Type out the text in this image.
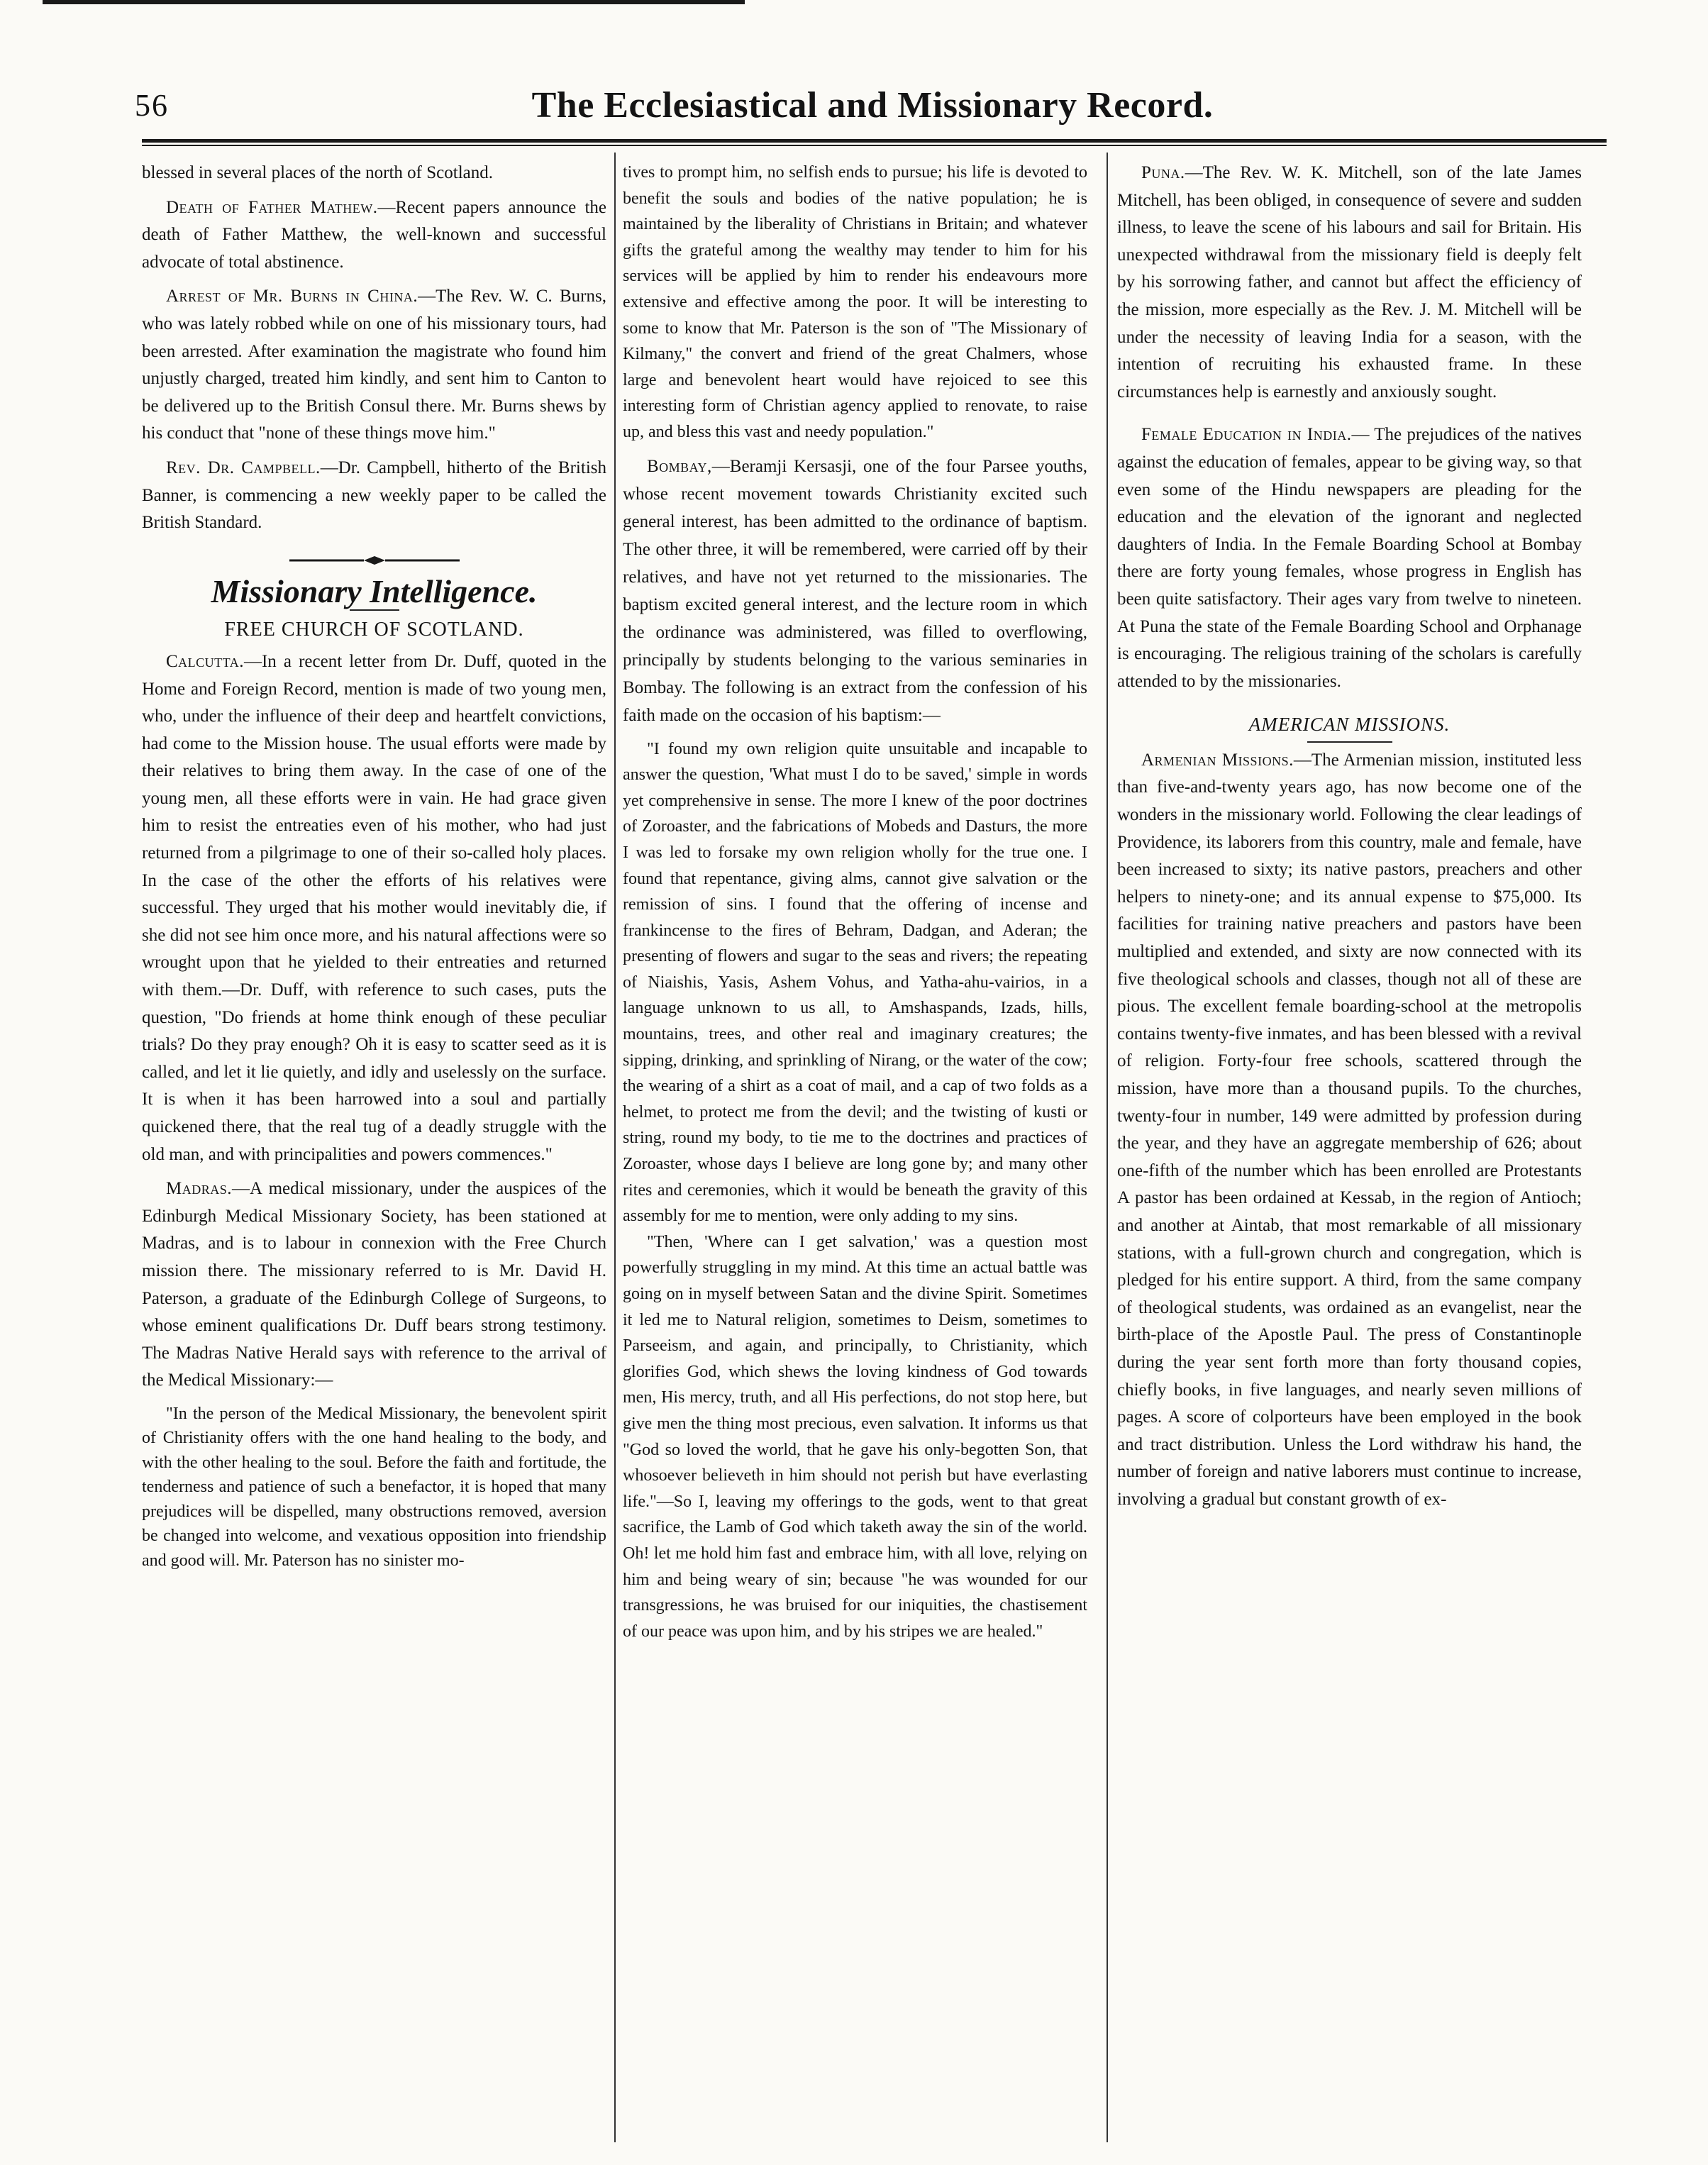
56	The Ecclesiastical and Missionary Record.

blessed in several places of the north of Scotland.

Death of Father Mathew.—Recent papers announce the death of Father Matthew, the well-known and successful advocate of total abstinence.

Arrest of Mr. Burns in China.—The Rev. W. C. Burns, who was lately robbed while on one of his missionary tours, had been arrested. After examination the magistrate who found him unjustly charged, treated him kindly, and sent him to Canton to be delivered up to the British Consul there. Mr. Burns shews by his conduct that "none of these things move him."

Rev. Dr. Campbell.—Dr. Campbell, hitherto of the British Banner, is commencing a new weekly paper to be called the British Standard.

Missionary Intelligence.
FREE CHURCH OF SCOTLAND.

Calcutta.—In a recent letter from Dr. Duff, quoted in the Home and Foreign Record, mention is made of two young men, who, under the influence of their deep and heartfelt convictions, had come to the Mission house. The usual efforts were made by their relatives to bring them away. In the case of one of the young men, all these efforts were in vain. He had grace given him to resist the entreaties even of his mother, who had just returned from a pilgrimage to one of their so-called holy places. In the case of the other the efforts of his relatives were successful. They urged that his mother would inevitably die, if she did not see him once more, and his natural affections were so wrought upon that he yielded to their entreaties and returned with them.—Dr. Duff, with reference to such cases, puts the question, "Do friends at home think enough of these peculiar trials? Do they pray enough? Oh it is easy to scatter seed as it is called, and let it lie quietly, and idly and uselessly on the surface. It is when it has been harrowed into a soul and partially quickened there, that the real tug of a deadly struggle with the old man, and with principalities and powers commences."

Madras.—A medical missionary, under the auspices of the Edinburgh Medical Missionary Society, has been stationed at Madras, and is to labour in connexion with the Free Church mission there. The missionary referred to is Mr. David H. Paterson, a graduate of the Edinburgh College of Surgeons, to whose eminent qualifications Dr. Duff bears strong testimony. The Madras Native Herald says with reference to the arrival of the Medical Missionary:—

"In the person of the Medical Missionary, the benevolent spirit of Christianity offers with the one hand healing to the body, and with the other healing to the soul. Before the faith and fortitude, the tenderness and patience of such a benefactor, it is hoped that many prejudices will be dispelled, many obstructions removed, aversion be changed into welcome, and vexatious opposition into friendship and good will. Mr. Paterson has no sinister mo-

tives to prompt him, no selfish ends to pursue; his life is devoted to benefit the souls and bodies of the native population; he is maintained by the liberality of Christians in Britain; and whatever gifts the grateful among the wealthy may tender to him for his services will be applied by him to render his endeavours more extensive and effective among the poor. It will be interesting to some to know that Mr. Paterson is the son of "The Missionary of Kilmany," the convert and friend of the great Chalmers, whose large and benevolent heart would have rejoiced to see this interesting form of Christian agency applied to renovate, to raise up, and bless this vast and needy population."

Bombay,—Beramji Kersasji, one of the four Parsee youths, whose recent movement towards Christianity excited such general interest, has been admitted to the ordinance of baptism. The other three, it will be remembered, were carried off by their relatives, and have not yet returned to the missionaries. The baptism excited general interest, and the lecture room in which the ordinance was administered, was filled to overflowing, principally by students belonging to the various seminaries in Bombay. The following is an extract from the confession of his faith made on the occasion of his baptism:—

"I found my own religion quite unsuitable and incapable to answer the question, 'What must I do to be saved,' simple in words yet comprehensive in sense. The more I knew of the poor doctrines of Zoroaster, and the fabrications of Mobeds and Dasturs, the more I was led to forsake my own religion wholly for the true one. I found that repentance, giving alms, cannot give salvation or the remission of sins. I found that the offering of incense and frankincense to the fires of Behram, Dadgan, and Aderan; the presenting of flowers and sugar to the seas and rivers; the repeating of Niaishis, Yasis, Ashem Vohus, and Yatha-ahu-vairios, in a language unknown to us all, to Amshaspands, Izads, hills, mountains, trees, and other real and imaginary creatures; the sipping, drinking, and sprinkling of Nirang, or the water of the cow; the wearing of a shirt as a coat of mail, and a cap of two folds as a helmet, to protect me from the devil; and the twisting of kusti or string, round my body, to tie me to the doctrines and practices of Zoroaster, whose days I believe are long gone by; and many other rites and ceremonies, which it would be beneath the gravity of this assembly for me to mention, were only adding to my sins.

"Then, 'Where can I get salvation,' was a question most powerfully struggling in my mind. At this time an actual battle was going on in myself between Satan and the divine Spirit. Sometimes it led me to Natural religion, sometimes to Deism, sometimes to Parseeism, and again, and principally, to Christianity, which glorifies God, which shews the loving kindness of God towards men, His mercy, truth, and all His perfections, do not stop here, but give men the thing most precious, even salvation. It informs us that "God so loved the world, that he gave his only-begotten Son, that whosoever believeth in him should not perish but have everlasting life."—So I, leaving my offerings to the gods, went to that great sacrifice, the Lamb of God which taketh away the sin of the world. Oh! let me hold him fast and embrace him, with all love, relying on him and being weary of sin; because "he was wounded for our transgressions, he was bruised for our iniquities, the chastisement of our peace was upon him, and by his stripes we are healed."

Puna.—The Rev. W. K. Mitchell, son of the late James Mitchell, has been obliged, in consequence of severe and sudden illness, to leave the scene of his labours and sail for Britain. His unexpected withdrawal from the missionary field is deeply felt by his sorrowing father, and cannot but affect the efficiency of the mission, more especially as the Rev. J. M. Mitchell will be under the necessity of leaving India for a season, with the intention of recruiting his exhausted frame. In these circumstances help is earnestly and anxiously sought.

Female Education in India.— The prejudices of the natives against the education of females, appear to be giving way, so that even some of the Hindu newspapers are pleading for the education and the elevation of the ignorant and neglected daughters of India. In the Female Boarding School at Bombay there are forty young females, whose progress in English has been quite satisfactory. Their ages vary from twelve to nineteen. At Puna the state of the Female Boarding School and Orphanage is encouraging. The religious training of the scholars is carefully attended to by the missionaries.

AMERICAN MISSIONS.

Armenian Missions.—The Armenian mission, instituted less than five-and-twenty years ago, has now become one of the wonders in the missionary world. Following the clear leadings of Providence, its laborers from this country, male and female, have been increased to sixty; its native pastors, preachers and other helpers to ninety-one; and its annual expense to $75,000. Its facilities for training native preachers and pastors have been multiplied and extended, and sixty are now connected with its five theological schools and classes, though not all of these are pious. The excellent female boarding-school at the metropolis contains twenty-five inmates, and has been blessed with a revival of religion. Forty-four free schools, scattered through the mission, have more than a thousand pupils. To the churches, twenty-four in number, 149 were admitted by profession during the year, and they have an aggregate membership of 626; about one-fifth of the number which has been enrolled are Protestants A pastor has been ordained at Kessab, in the region of Antioch; and another at Aintab, that most remarkable of all missionary stations, with a full-grown church and congregation, which is pledged for his entire support. A third, from the same company of theological students, was ordained as an evangelist, near the birth-place of the Apostle Paul. The press of Constantinople during the year sent forth more than forty thousand copies, chiefly books, in five languages, and nearly seven millions of pages. A score of colporteurs have been employed in the book and tract distribution. Unless the Lord withdraw his hand, the number of foreign and native laborers must continue to increase, involving a gradual but constant growth of ex-
